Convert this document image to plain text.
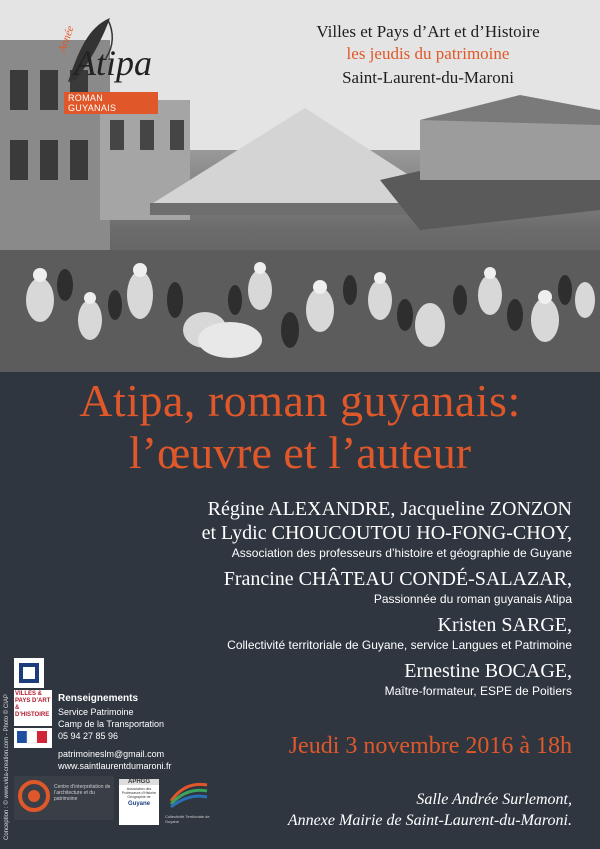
Année
Atipa
ROMAN GUYANAIS
Villes et Pays d’Art et d’Histoire
les jeudis du patrimoine
Saint-Laurent-du-Maroni
Atipa, roman guyanais:
l’œuvre et l’auteur
Régine ALEXANDRE, Jacqueline ZONZON
et Lydic CHOUCOUTOU HO-FONG-CHOY,
Association des professeurs d’histoire et géographie de Guyane
Francine CHÂTEAU CONDÉ-SALAZAR,
Passionnée du roman guyanais Atipa
Kristen SARGE,
Collectivité territoriale de Guyane, service Langues et Patrimoine
Ernestine BOCAGE,
Maître-formateur, ESPE de Poitiers
Jeudi 3 novembre 2016 à 18h
Salle Andrée Surlemont,
Annexe Mairie de Saint-Laurent-du-Maroni.
Conception : © www.vida-creation.com - Photo © CIAP
VILLES & PAYS D’ART & D’HISTOIRE
Renseignements
Service Patrimoine
Camp de la Transportation
05 94 27 85 96
patrimoineslm@gmail.com
www.saintlaurentdumaroni.fr
Centre d’interprétation de l’architecture et du patrimoine
APHGG
Association des Professeurs d’Histoire Géographie de
Guyane
Collectivité Territoriale de Guyane
